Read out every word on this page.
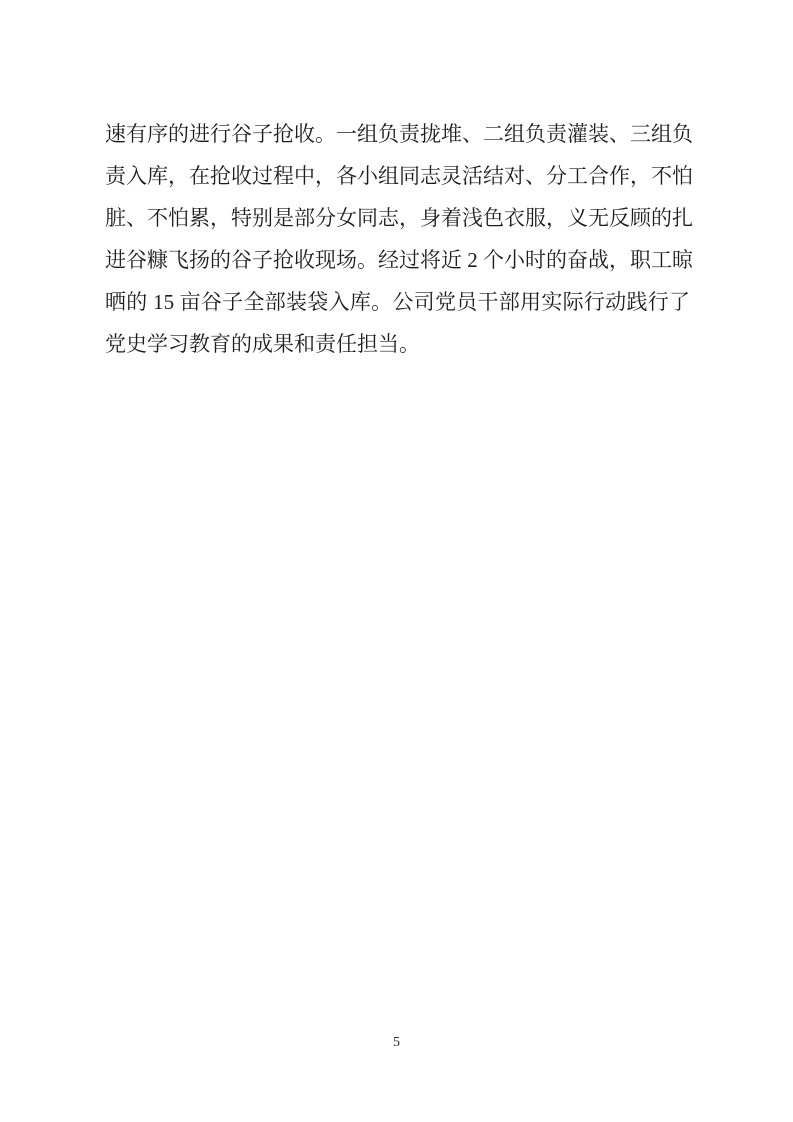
速有序的进行谷子抢收。一组负责拢堆、二组负责灌装、三组负
责入库，在抢收过程中，各小组同志灵活结对、分工合作，不怕
脏、不怕累，特别是部分女同志，身着浅色衣服，义无反顾的扎
进谷糠飞扬的谷子抢收现场。经过将近 2 个小时的奋战，职工晾
晒的 15 亩谷子全部装袋入库。公司党员干部用实际行动践行了
党史学习教育的成果和责任担当。
5
